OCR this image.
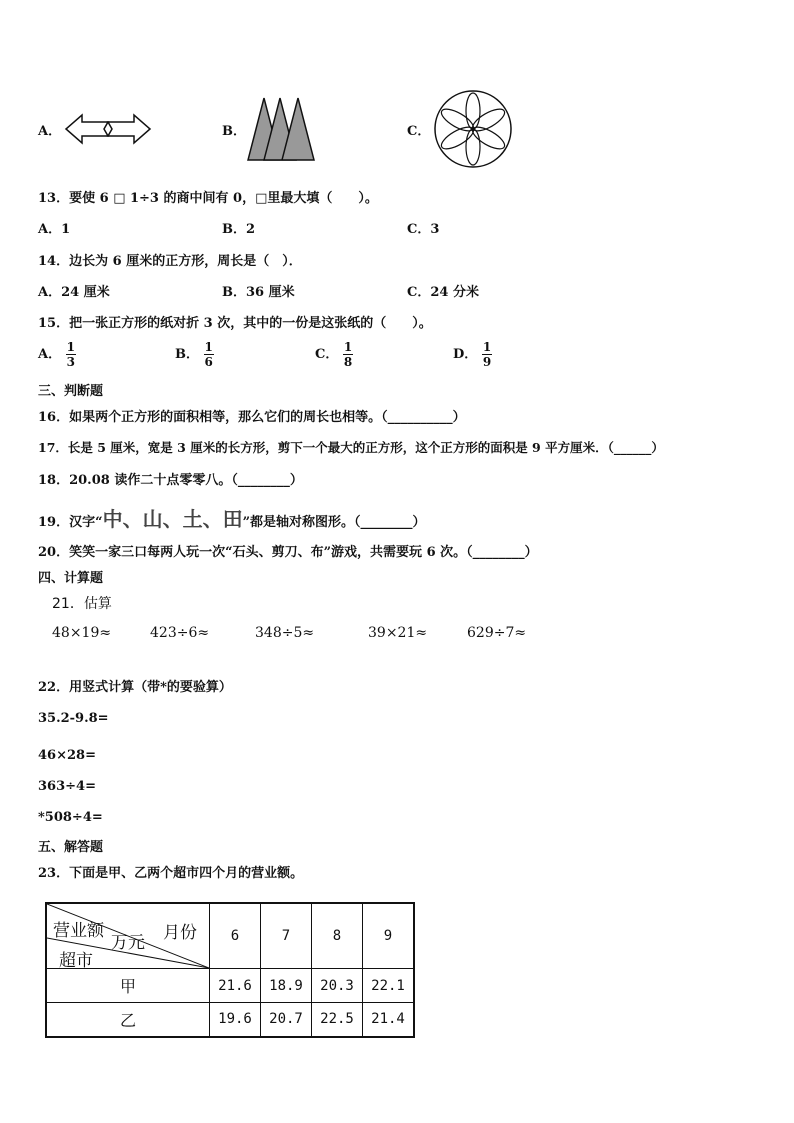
A．	B．	C．
13．要使 6 □ 1÷3 的商中间有 0，□里最大填（　　）。
A．1	B．2	C．3
14．边长为 6 厘米的正方形，周长是（　）．
A．24 厘米	B．36 厘米	C．24 分米
15．把一张正方形的纸对折 3 次，其中的一份是这张纸的（　　）。
A． $\frac{1}{3}$	B． $\frac{1}{6}$	C． $\frac{1}{8}$	D． $\frac{1}{9}$
三、判断题
16．如果两个正方形的面积相等，那么它们的周长也相等。（__________）
17．长是 5 厘米，宽是 3 厘米的长方形，剪下一个最大的正方形，这个正方形的面积是 9 平方厘米．（______）
18．20.08 读作二十点零零八。（________）
19．汉字“中、山、土、田”都是轴对称图形。（________）
20．笑笑一家三口每两人玩一次“石头、剪刀、布”游戏，共需要玩 6 次。（________）
四、计算题
21．估算
48×19≈	423÷6≈	348÷5≈	39×21≈	629÷7≈
22．用竖式计算（带*的要验算）
35.2-9.8=
46×28=
363÷4=
*508÷4=
五、解答题
23．下面是甲、乙两个超市四个月的营业额。
营业额
万元 月份
超市	6	7	8	9
甲	21.6	18.9	20.3	22.1
乙	19.6	20.7	22.5	21.4
